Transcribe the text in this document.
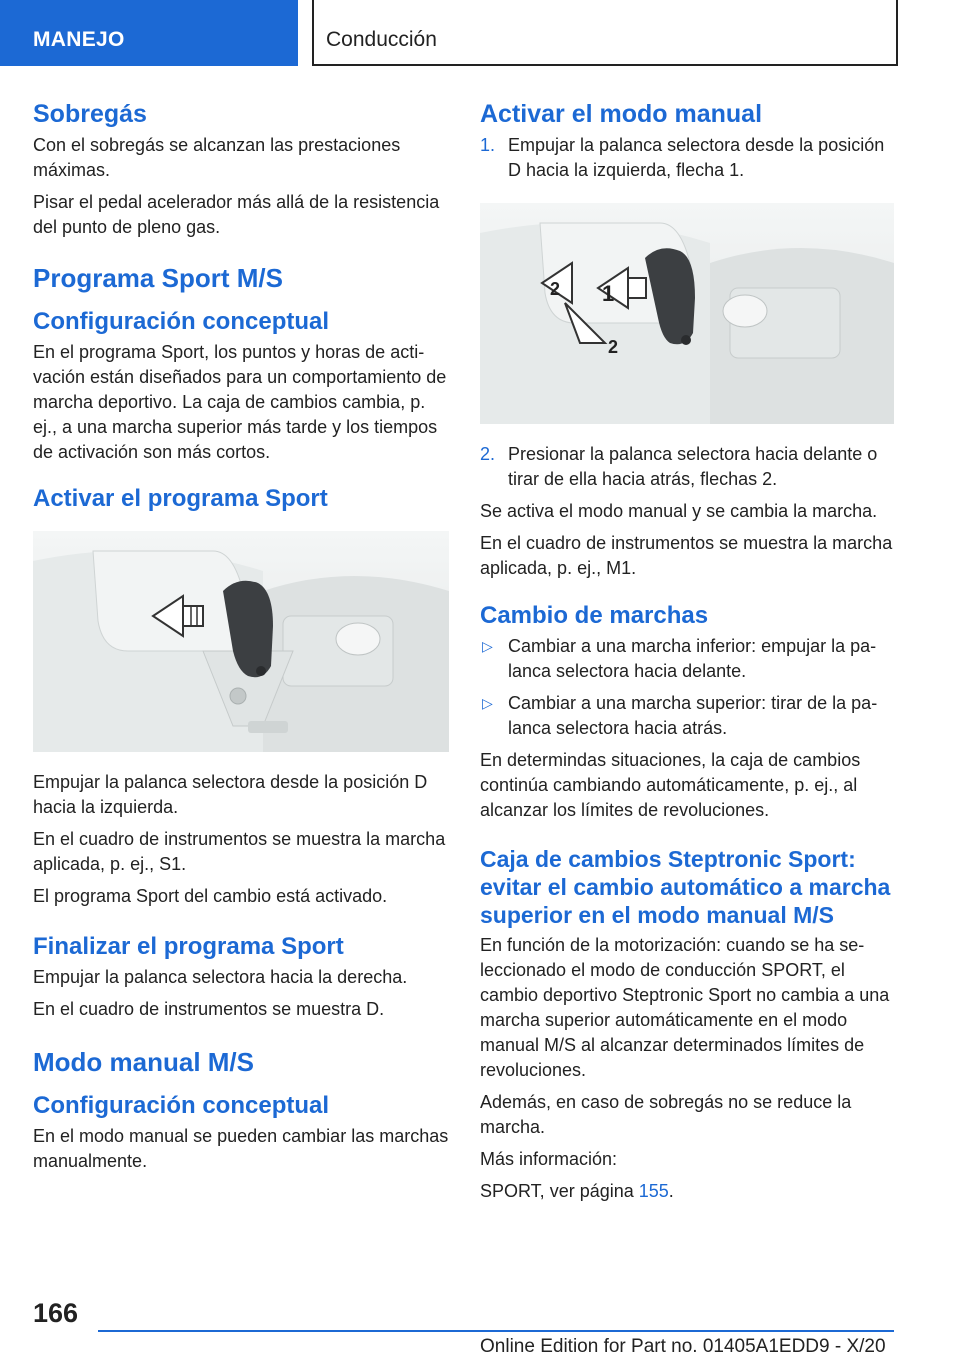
MANEJO	Conducción
Sobregás

Con el sobregás se alcanzan las prestaciones máximas.

Pisar el pedal acelerador más allá de la resistencia del punto de pleno gas.

Programa Sport M/S
Configuración conceptual

En el programa Sport, los puntos y horas de activación están diseñados para un comportamiento de marcha deportivo. La caja de cambios cambia, p. ej., a una marcha superior más tarde y los tiempos de activación son más cortos.

Activar el programa Sport

Empujar la palanca selectora desde la posición D hacia la izquierda.

En el cuadro de instrumentos se muestra la marcha aplicada, p. ej., S1.

El programa Sport del cambio está activado.

Finalizar el programa Sport

Empujar la palanca selectora hacia la derecha.

En el cuadro de instrumentos se muestra D.

Modo manual M/S
Configuración conceptual

En el modo manual se pueden cambiar las marchas manualmente.

Activar el modo manual
1. Empujar la palanca selectora desde la posición D hacia la izquierda, flecha 1.
1
2
2
2. Presionar la palanca selectora hacia delante o tirar de ella hacia atrás, flechas 2.

Se activa el modo manual y se cambia la marcha.

En el cuadro de instrumentos se muestra la marcha aplicada, p. ej., M1.

Cambio de marchas
▷ Cambiar a una marcha inferior: empujar la palanca selectora hacia delante.
▷ Cambiar a una marcha superior: tirar de la palanca selectora hacia atrás.

En determindas situaciones, la caja de cambios continúa cambiando automáticamente, p. ej., al alcanzar los límites de revoluciones.

Caja de cambios Steptronic Sport: evitar el cambio automático a marcha superior en el modo manual M/S

En función de la motorización: cuando se ha seleccionado el modo de conducción SPORT, el cambio deportivo Steptronic Sport no cambia a una marcha superior automáticamente en el modo manual M/S al alcanzar determinados límites de revoluciones.

Además, en caso de sobregás no se reduce la marcha.

Más información:

SPORT, ver página 155.

166
Online Edition for Part no. 01405A1EDD9 - X/20
